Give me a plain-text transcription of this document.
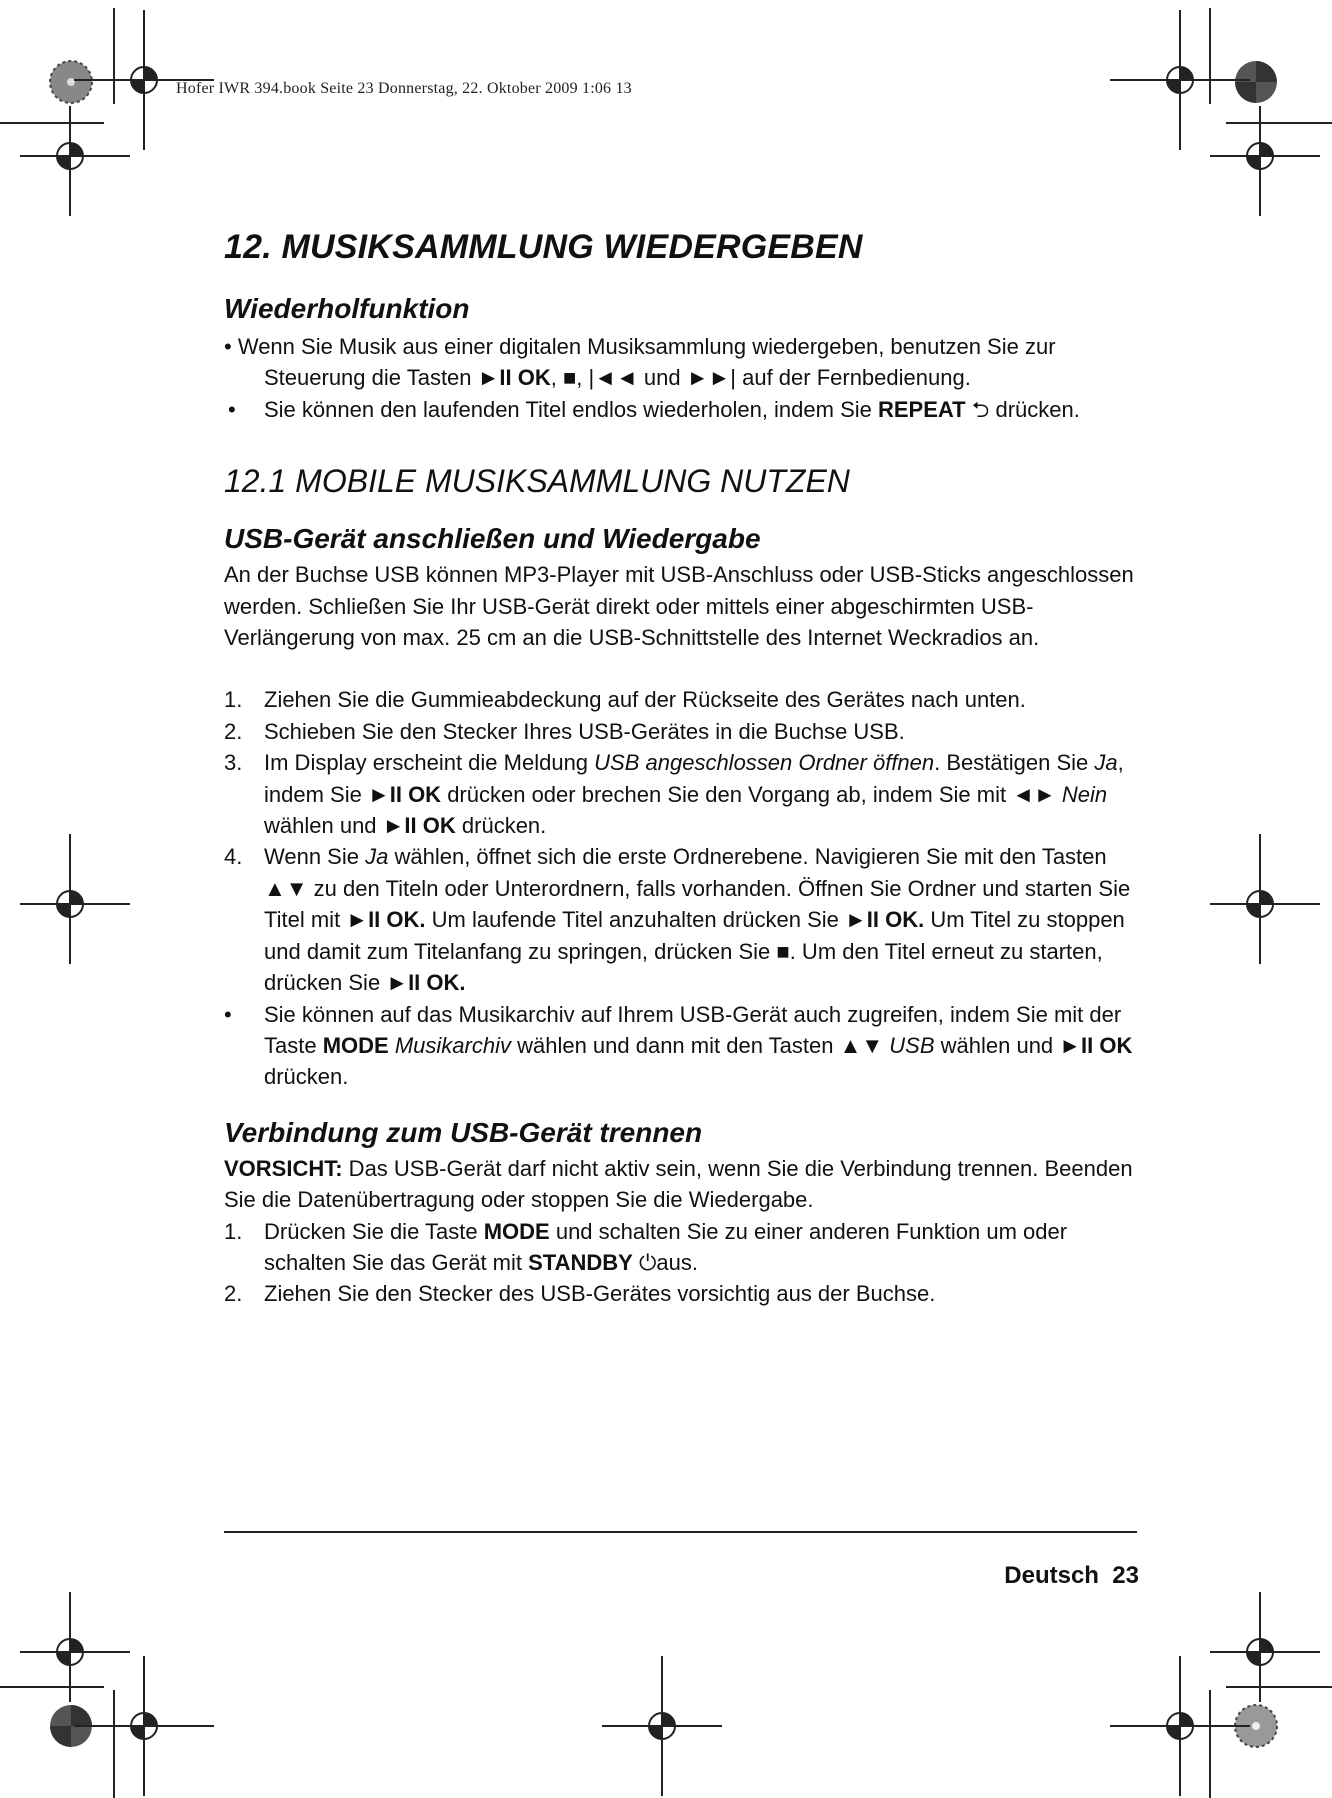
Hofer IWR 394.book Seite 23 Donnerstag, 22. Oktober 2009 1:06 13
12. MUSIKSAMMLUNG WIEDERGEBEN
Wiederholfunktion
• Wenn Sie Musik aus einer digitalen Musiksammlung wiedergeben, benutzen Sie zur Steuerung die Tasten ►II OK, ■, |◄◄ und ►►| auf der Fernbedienung.
• Sie können den laufenden Titel endlos wiederholen, indem Sie REPEAT ⮌ drücken.
12.1 MOBILE MUSIKSAMMLUNG NUTZEN
USB-Gerät anschließen und Wiedergabe

An der Buchse USB können MP3-Player mit USB-Anschluss oder USB-Sticks angeschlossen werden. Schließen Sie Ihr USB-Gerät direkt oder mittels einer abgeschirmten USB-Verlängerung von max. 25 cm an die USB-Schnittstelle des Internet Weckradios an.

1. Ziehen Sie die Gummieabdeckung auf der Rückseite des Gerätes nach unten.
2. Schieben Sie den Stecker Ihres USB-Gerätes in die Buchse USB.
3. Im Display erscheint die Meldung USB angeschlossen Ordner öffnen. Bestätigen Sie Ja, indem Sie ►II OK drücken oder brechen Sie den Vorgang ab, indem Sie mit ◄► Nein wählen und ►II OK drücken.
4. Wenn Sie Ja wählen, öffnet sich die erste Ordnerebene. Navigieren Sie mit den Tasten ▲▼ zu den Titeln oder Unterordnern, falls vorhanden. Öffnen Sie Ordner und starten Sie Titel mit ►II OK. Um laufende Titel anzuhalten drücken Sie ►II OK. Um Titel zu stoppen und damit zum Titelanfang zu springen, drücken Sie ■. Um den Titel erneut zu starten, drücken Sie ►II OK.
• Sie können auf das Musikarchiv auf Ihrem USB-Gerät auch zugreifen, indem Sie mit der Taste MODE Musikarchiv wählen und dann mit den Tasten ▲▼ USB wählen und ►II OK drücken.
Verbindung zum USB-Gerät trennen

VORSICHT: Das USB-Gerät darf nicht aktiv sein, wenn Sie die Verbindung trennen. Beenden Sie die Datenübertragung oder stoppen Sie die Wiedergabe.

1. Drücken Sie die Taste MODE und schalten Sie zu einer anderen Funktion um oder schalten Sie das Gerät mit STANDBY ⏻aus.
2. Ziehen Sie den Stecker des USB-Gerätes vorsichtig aus der Buchse.
Deutsch 23
